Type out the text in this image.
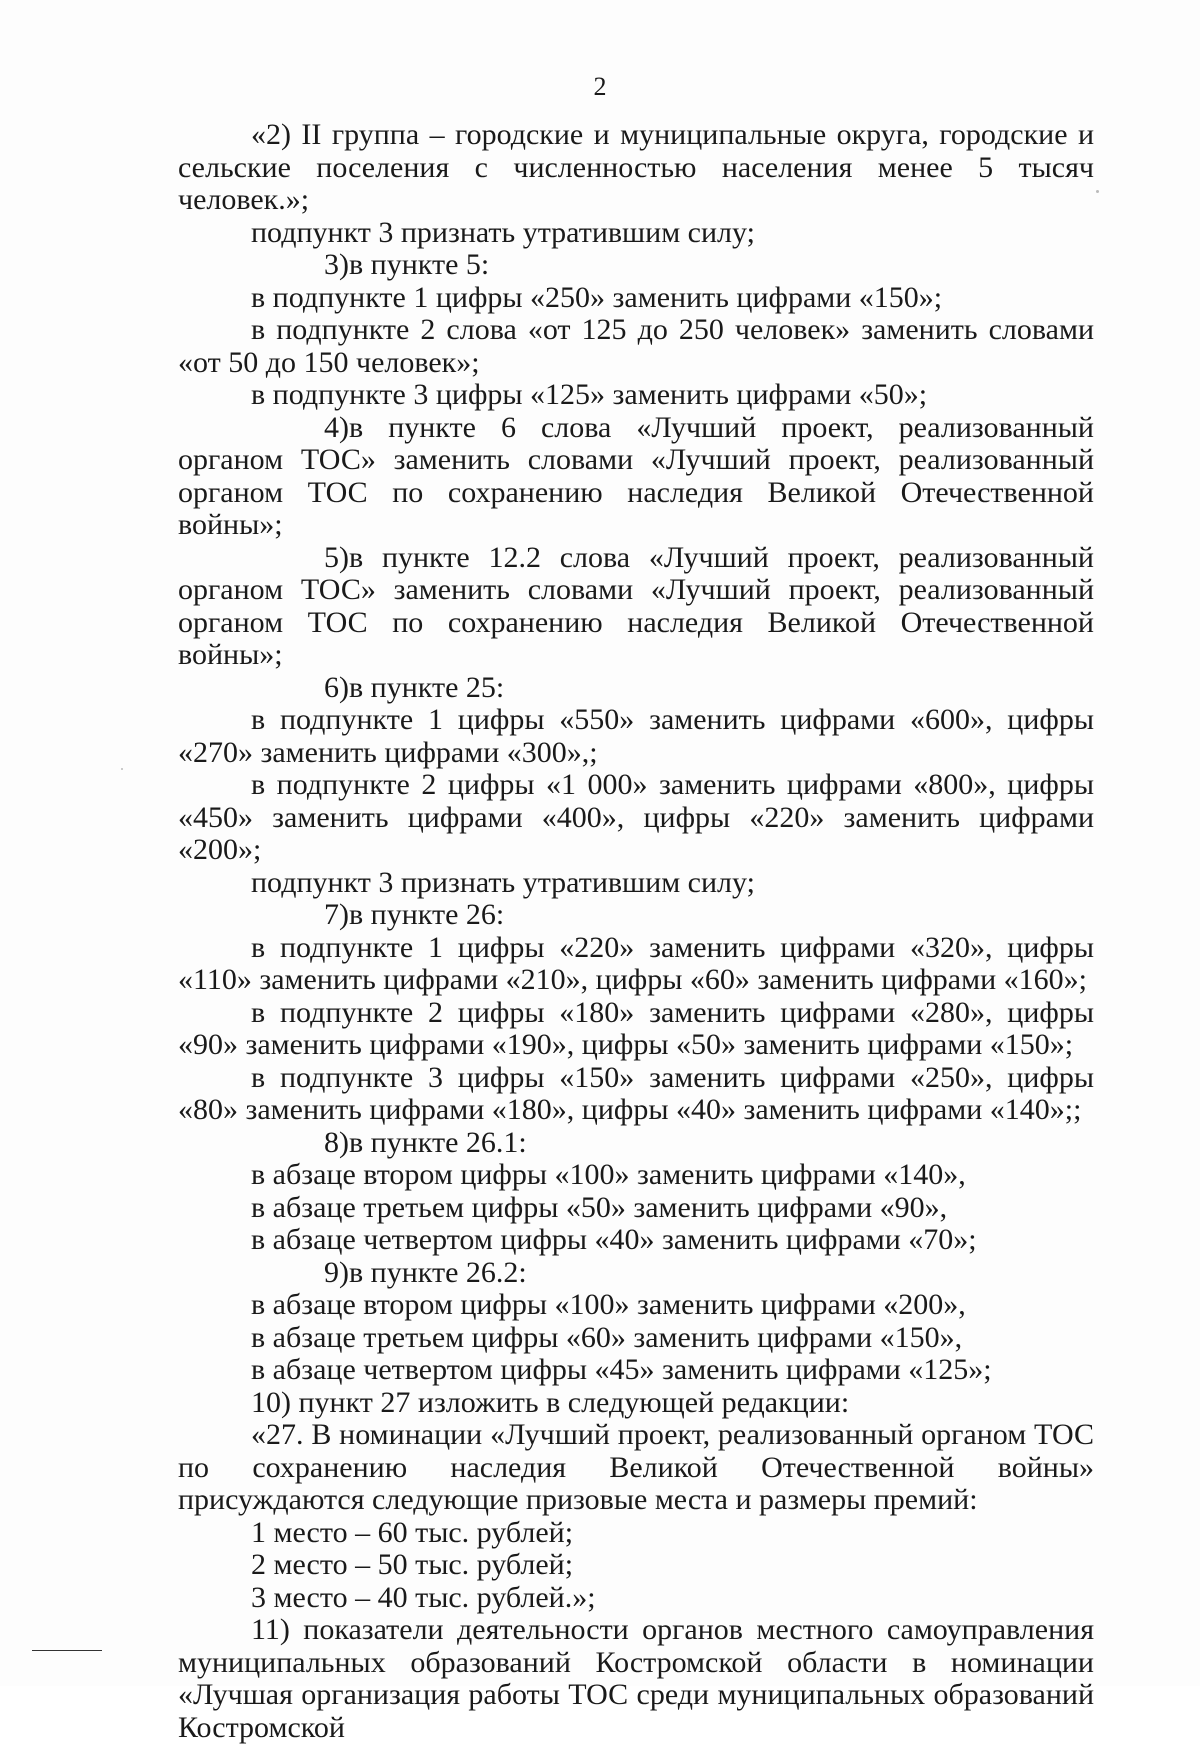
2

«2) II группа – городские и муниципальные округа, городские и сельские поселения с численностью населения менее 5 тысяч человек.»;

подпункт 3 признать утратившим силу;

3)в пункте 5:

в подпункте 1 цифры «250» заменить цифрами «150»;

в подпункте 2 слова «от 125 до 250 человек» заменить словами «от 50 до 150 человек»;

в подпункте 3 цифры «125» заменить цифрами «50»;

4)в пункте 6 слова «Лучший проект, реализованный органом ТОС» заменить словами «Лучший проект, реализованный органом ТОС по сохранению наследия Великой Отечественной войны»;

5)в пункте 12.2 слова «Лучший проект, реализованный органом ТОС» заменить словами «Лучший проект, реализованный органом ТОС по сохранению наследия Великой Отечественной войны»;

6)в пункте 25:

в подпункте 1 цифры «550» заменить цифрами «600», цифры «270» заменить цифрами «300»,;

в подпункте 2 цифры «1 000» заменить цифрами «800», цифры «450» заменить цифрами «400», цифры «220» заменить цифрами «200»;

подпункт 3 признать утратившим силу;

7)в пункте 26:

в подпункте 1 цифры «220» заменить цифрами «320», цифры «110» заменить цифрами «210», цифры «60» заменить цифрами «160»;

в подпункте 2 цифры «180» заменить цифрами «280», цифры «90» заменить цифрами «190», цифры «50» заменить цифрами «150»;

в подпункте 3 цифры «150» заменить цифрами «250», цифры «80» заменить цифрами «180», цифры «40» заменить цифрами «140»;;

8)в пункте 26.1:

в абзаце втором цифры «100» заменить цифрами «140»,

в абзаце третьем цифры «50» заменить цифрами «90»,

в абзаце четвертом цифры «40» заменить цифрами «70»;

9)в пункте 26.2:

в абзаце втором цифры «100» заменить цифрами «200»,

в абзаце третьем цифры «60» заменить цифрами «150»,

в абзаце четвертом цифры «45» заменить цифрами «125»;

10) пункт 27 изложить в следующей редакции:

«27. В номинации «Лучший проект, реализованный органом ТОС по сохранению наследия Великой Отечественной войны» присуждаются следующие призовые места и размеры премий:

1 место – 60 тыс. рублей;

2 место – 50 тыс. рублей;

3 место – 40 тыс. рублей.»;

11) показатели деятельности органов местного самоуправления муниципальных образований Костромской области в номинации «Лучшая организация работы ТОС среди муниципальных образований Костромской
